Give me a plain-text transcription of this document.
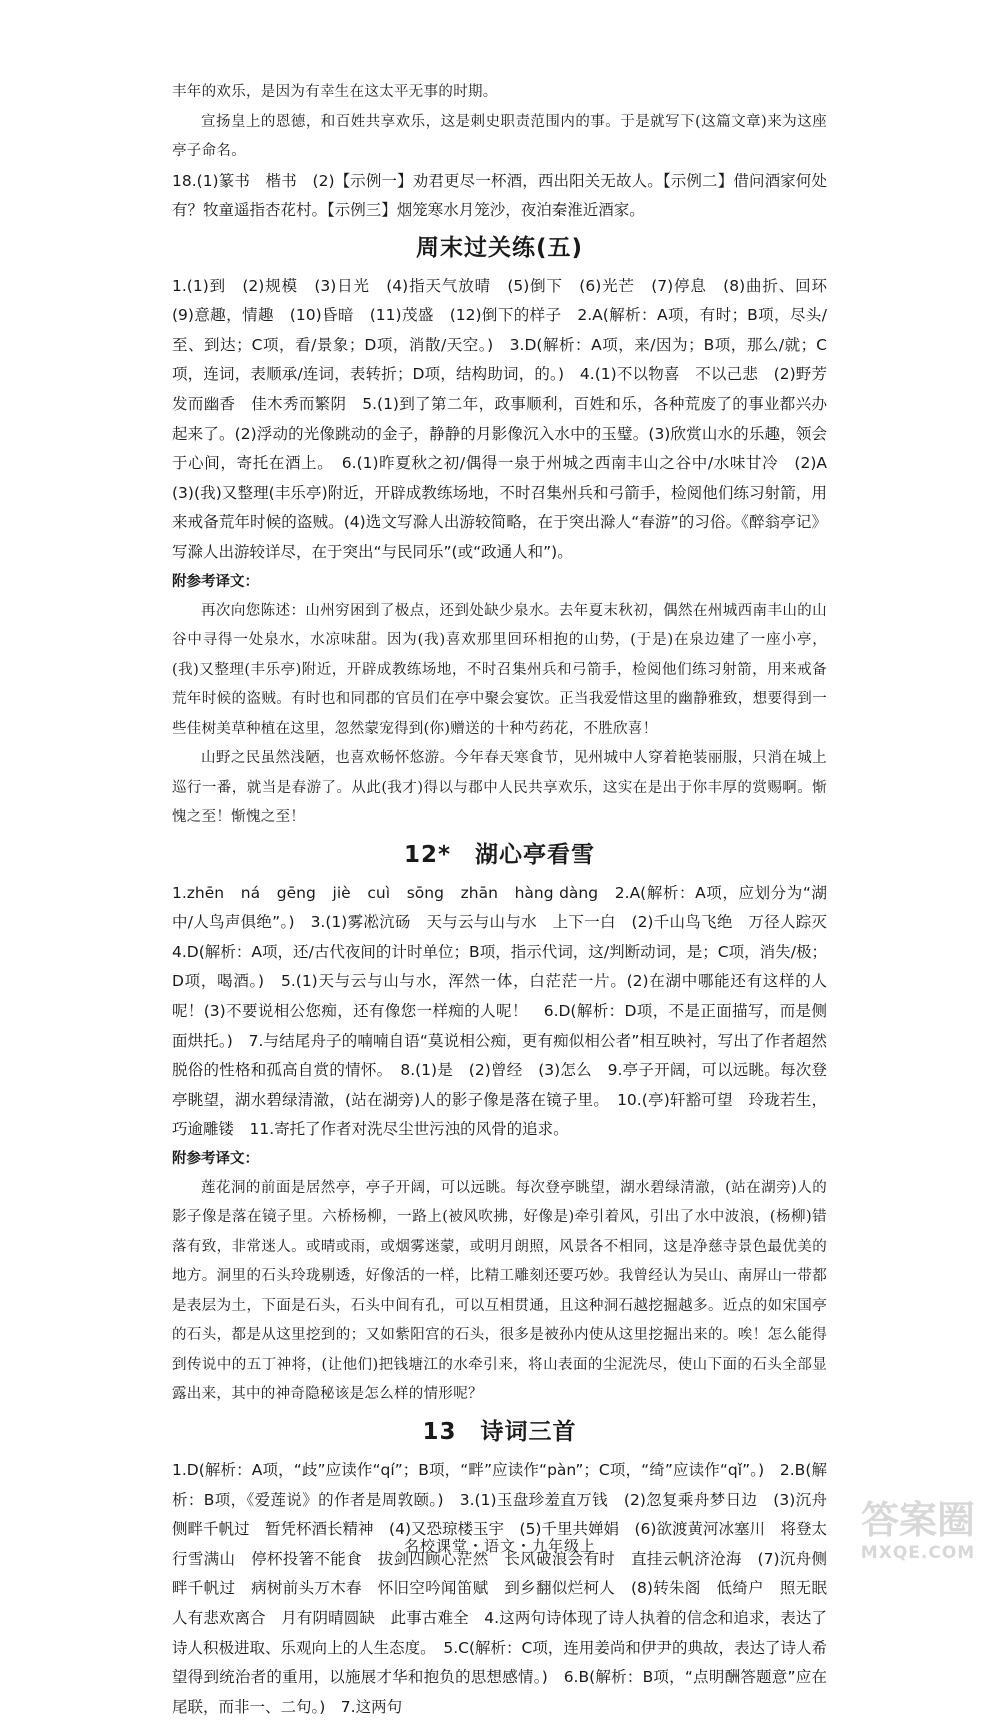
丰年的欢乐，是因为有幸生在这太平无事的时期。

宣扬皇上的恩德，和百姓共享欢乐，这是刺史职责范围内的事。于是就写下(这篇文章)来为这座亭子命名。

18.(1)篆书　楷书　(2)【示例一】劝君更尽一杯酒，西出阳关无故人。【示例二】借问酒家何处有？牧童遥指杏花村。【示例三】烟笼寒水月笼沙，夜泊秦淮近酒家。

周末过关练(五)

1.(1)到　(2)规模　(3)日光　(4)指天气放晴　(5)倒下　(6)光芒　(7)停息　(8)曲折、回环　(9)意趣，情趣　(10)昏暗　(11)茂盛　(12)倒下的样子　2.A(解析：A项，有时；B项，尽头/至、到达；C项，看/景象；D项，消散/天空。)　3.D(解析：A项，来/因为；B项，那么/就；C项，连词，表顺承/连词，表转折；D项，结构助词，的。)　4.(1)不以物喜　不以己悲　(2)野芳发而幽香　佳木秀而繁阴　5.(1)到了第二年，政事顺利，百姓和乐，各种荒废了的事业都兴办起来了。(2)浮动的光像跳动的金子，静静的月影像沉入水中的玉璧。(3)欣赏山水的乐趣，领会于心间，寄托在酒上。　6.(1)昨夏秋之初/偶得一泉于州城之西南丰山之谷中/水味甘冷　(2)A　(3)(我)又整理(丰乐亭)附近，开辟成教练场地，不时召集州兵和弓箭手，检阅他们练习射箭，用来戒备荒年时候的盗贼。(4)选文写滁人出游较简略，在于突出滁人“春游”的习俗。《醉翁亭记》写滁人出游较详尽，在于突出“与民同乐”(或“政通人和”)。

附参考译文：

再次向您陈述：山州穷困到了极点，还到处缺少泉水。去年夏末秋初，偶然在州城西南丰山的山谷中寻得一处泉水，水凉味甜。因为(我)喜欢那里回环相抱的山势，(于是)在泉边建了一座小亭，(我)又整理(丰乐亭)附近，开辟成教练场地，不时召集州兵和弓箭手，检阅他们练习射箭，用来戒备荒年时候的盗贼。有时也和同郡的官员们在亭中聚会宴饮。正当我爱惜这里的幽静雅致，想要得到一些佳树美草种植在这里，忽然蒙宠得到(你)赠送的十种芍药花，不胜欣喜！

山野之民虽然浅陋，也喜欢畅怀悠游。今年春天寒食节，见州城中人穿着艳装丽服，只消在城上巡行一番，就当是春游了。从此(我才)得以与郡中人民共享欢乐，这实在是出于你丰厚的赏赐啊。惭愧之至！惭愧之至！

12*　湖心亭看雪

1.zhēn　ná　gēng　jiè　cuì　sōng　zhān　hàng dàng　2.A(解析：A项，应划分为“湖中/人鸟声俱绝”。)　3.(1)雾凇沆砀　天与云与山与水　上下一白　(2)千山鸟飞绝　万径人踪灭　4.D(解析：A项，还/古代夜间的计时单位；B项，指示代词，这/判断动词，是；C项，消失/极；D项，喝酒。)　5.(1)天与云与山与水，浑然一体，白茫茫一片。(2)在湖中哪能还有这样的人呢！(3)不要说相公您痴，还有像您一样痴的人呢！　6.D(解析：D项，不是正面描写，而是侧面烘托。)　7.与结尾舟子的喃喃自语“莫说相公痴，更有痴似相公者”相互映衬，写出了作者超然脱俗的性格和孤高自赏的情怀。　8.(1)是　(2)曾经　(3)怎么　9.亭子开阔，可以远眺。每次登亭眺望，湖水碧绿清澈，(站在湖旁)人的影子像是落在镜子里。　10.(亭)轩豁可望　玲珑若生，巧逾雕镂　11.寄托了作者对洗尽尘世污浊的风骨的追求。

附参考译文：

莲花洞的前面是居然亭，亭子开阔，可以远眺。每次登亭眺望，湖水碧绿清澈，(站在湖旁)人的影子像是落在镜子里。六桥杨柳，一路上(被风吹拂，好像是)牵引着风，引出了水中波浪，(杨柳)错落有致，非常迷人。或晴或雨，或烟雾迷蒙，或明月朗照，风景各不相同，这是净慈寺景色最优美的地方。洞里的石头玲珑剔透，好像活的一样，比精工雕刻还要巧妙。我曾经认为吴山、南屏山一带都是表层为土，下面是石头，石头中间有孔，可以互相贯通，且这种洞石越挖掘越多。近点的如宋国亭的石头，都是从这里挖到的；又如紫阳宫的石头，很多是被孙内使从这里挖掘出来的。唉！怎么能得到传说中的五丁神将，(让他们)把钱塘江的水牵引来，将山表面的尘泥洗尽，使山下面的石头全部显露出来，其中的神奇隐秘该是怎么样的情形呢？

13　诗词三首

1.D(解析：A项，“歧”应读作“qí”；B项，“畔”应读作“pàn”；C项，“绮”应读作“qǐ”。)　2.B(解析：B项，《爱莲说》的作者是周敦颐。)　3.(1)玉盘珍羞直万钱　(2)忽复乘舟梦日边　(3)沉舟侧畔千帆过　暂凭杯酒长精神　(4)又恐琼楼玉宇　(5)千里共婵娟　(6)欲渡黄河冰塞川　将登太行雪满山　停杯投箸不能食　拔剑四顾心茫然　长风破浪会有时　直挂云帆济沧海　(7)沉舟侧畔千帆过　病树前头万木春　怀旧空吟闻笛赋　到乡翻似烂柯人　(8)转朱阁　低绮户　照无眠　人有悲欢离合　月有阴晴圆缺　此事古难全　4.这两句诗体现了诗人执着的信念和追求，表达了诗人积极进取、乐观向上的人生态度。　5.C(解析：C项，连用姜尚和伊尹的典故，表达了诗人希望得到统治者的重用，以施展才华和抱负的思想感情。)　6.B(解析：B项，“点明酬答题意”应在尾联，而非一、二句。)　7.这两句

名校课堂・语文・九年级上
答案圈
MXQE.COM
